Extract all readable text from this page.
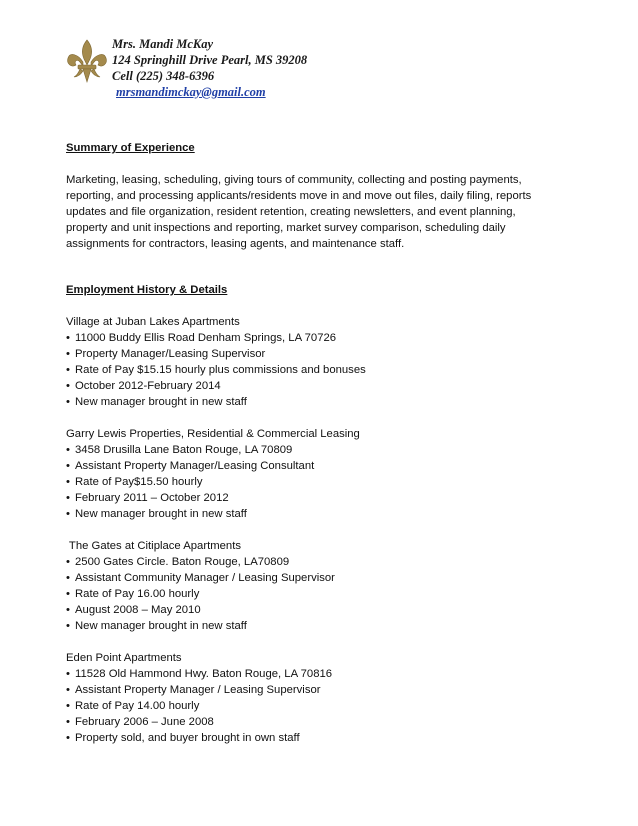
Mrs. Mandi McKay
124 Springhill Drive Pearl, MS 39208
Cell (225) 348-6396
mrsmandimckay@gmail.com

Summary of Experience

Marketing, leasing, scheduling, giving tours of community, collecting and posting payments,
reporting, and processing applicants/residents move in and move out files, daily filing, reports
updates and file organization, resident retention, creating newsletters, and event planning,
property and unit inspections and reporting, market survey comparison, scheduling daily
assignments for contractors, leasing agents, and maintenance staff.

Employment History & Details

Village at Juban Lakes Apartments
• 11000 Buddy Ellis Road Denham Springs, LA 70726
• Property Manager/Leasing Supervisor
• Rate of Pay $15.15 hourly plus commissions and bonuses
• October 2012-February 2014
• New manager brought in new staff
Garry Lewis Properties, Residential & Commercial Leasing
• 3458 Drusilla Lane Baton Rouge, LA 70809
• Assistant Property Manager/Leasing Consultant
• Rate of Pay$15.50 hourly
• February 2011 – October 2012
• New manager brought in new staff
The Gates at Citiplace Apartments
• 2500 Gates Circle. Baton Rouge, LA70809
• Assistant Community Manager / Leasing Supervisor
• Rate of Pay 16.00 hourly
• August 2008 – May 2010
• New manager brought in new staff
Eden Point Apartments
• 11528 Old Hammond Hwy. Baton Rouge, LA 70816
• Assistant Property Manager / Leasing Supervisor
• Rate of Pay 14.00 hourly
• February 2006 – June 2008
• Property sold, and buyer brought in own staff
